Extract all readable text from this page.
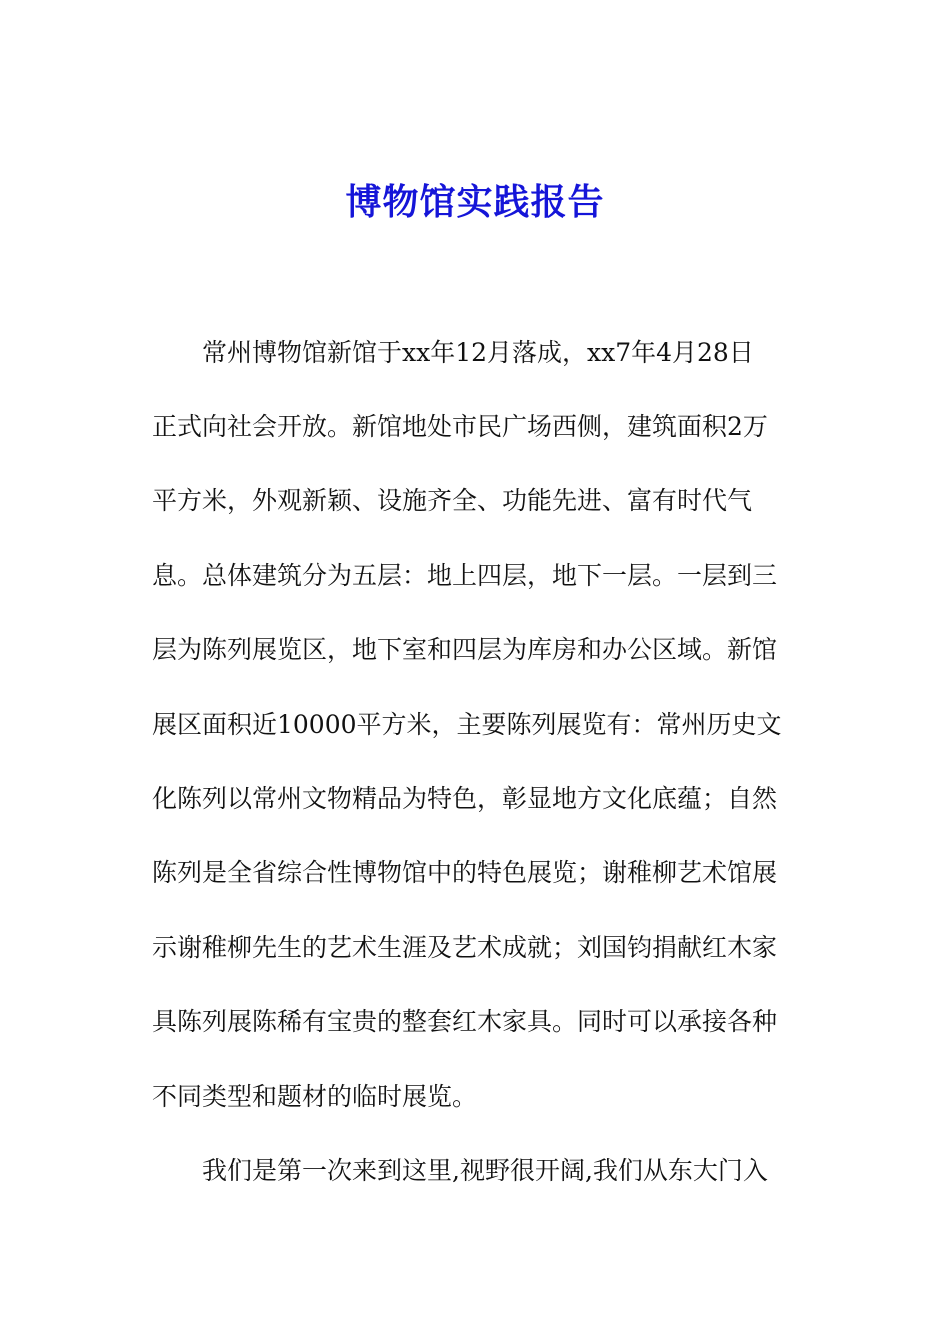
博物馆实践报告
常州博物馆新馆于xx年12月落成，xx7年4月28日
正式向社会开放。新馆地处市民广场西侧，建筑面积2万
平方米，外观新颖、设施齐全、功能先进、富有时代气
息。总体建筑分为五层：地上四层，地下一层。一层到三
层为陈列展览区，地下室和四层为库房和办公区域。新馆
展区面积近10000平方米，主要陈列展览有：常州历史文
化陈列以常州文物精品为特色，彰显地方文化底蕴；自然
陈列是全省综合性博物馆中的特色展览；谢稚柳艺术馆展
示谢稚柳先生的艺术生涯及艺术成就；刘国钧捐献红木家
具陈列展陈稀有宝贵的整套红木家具。同时可以承接各种
不同类型和题材的临时展览。
我们是第一次来到这里,视野很开阔,我们从东大门入
